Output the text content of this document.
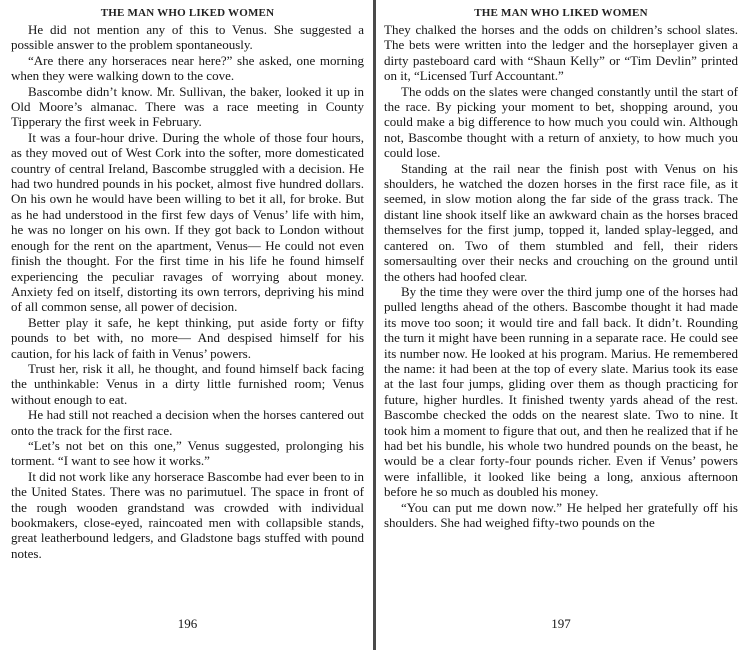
THE MAN WHO LIKED WOMEN

He did not mention any of this to Venus. She suggested a possible answer to the problem spontaneously.

“Are there any horseraces near here?” she asked, one morning when they were walking down to the cove.

Bascombe didn’t know. Mr. Sullivan, the baker, looked it up in Old Moore’s almanac. There was a race meeting in County Tipperary the first week in February.

It was a four-hour drive. During the whole of those four hours, as they moved out of West Cork into the softer, more domesticated country of central Ireland, Bascombe struggled with a decision. He had two hundred pounds in his pocket, almost five hundred dollars. On his own he would have been willing to bet it all, for broke. But as he had understood in the first few days of Venus’ life with him, he was no longer on his own. If they got back to London without enough for the rent on the apartment, Venus— He could not even finish the thought. For the first time in his life he found himself experiencing the peculiar ravages of worrying about money. Anxiety fed on itself, distorting its own terrors, depriving his mind of all common sense, all power of decision.

Better play it safe, he kept thinking, put aside forty or fifty pounds to bet with, no more— And despised himself for his caution, for his lack of faith in Venus’ powers.

Trust her, risk it all, he thought, and found himself back facing the unthinkable: Venus in a dirty little furnished room; Venus without enough to eat.

He had still not reached a decision when the horses cantered out onto the track for the first race.

“Let’s not bet on this one,” Venus suggested, prolonging his torment. “I want to see how it works.”

It did not work like any horserace Bascombe had ever been to in the United States. There was no parimutuel. The space in front of the rough wooden grandstand was crowded with individual bookmakers, close-eyed, raincoated men with collapsible stands, great leatherbound ledgers, and Gladstone bags stuffed with pound notes.

196
THE MAN WHO LIKED WOMEN

They chalked the horses and the odds on children’s school slates. The bets were written into the ledger and the horseplayer given a dirty pasteboard card with “Shaun Kelly” or “Tim Devlin” printed on it, “Licensed Turf Accountant.”

The odds on the slates were changed constantly until the start of the race. By picking your moment to bet, shopping around, you could make a big difference to how much you could win. Although not, Bascombe thought with a return of anxiety, to how much you could lose.

Standing at the rail near the finish post with Venus on his shoulders, he watched the dozen horses in the first race file, as it seemed, in slow motion along the far side of the grass track. The distant line shook itself like an awkward chain as the horses braced themselves for the first jump, topped it, landed splay-legged, and cantered on. Two of them stumbled and fell, their riders somersaulting over their necks and crouching on the ground until the others had hoofed clear.

By the time they were over the third jump one of the horses had pulled lengths ahead of the others. Bascombe thought it had made its move too soon; it would tire and fall back. It didn’t. Rounding the turn it might have been running in a separate race. He could see its number now. He looked at his program. Marius. He remembered the name: it had been at the top of every slate. Marius took its ease at the last four jumps, gliding over them as though practicing for future, higher hurdles. It finished twenty yards ahead of the rest. Bascombe checked the odds on the nearest slate. Two to nine. It took him a moment to figure that out, and then he realized that if he had bet his bundle, his whole two hundred pounds on the beast, he would be a clear forty-four pounds richer. Even if Venus’ powers were infallible, it looked like being a long, anxious afternoon before he so much as doubled his money.

“You can put me down now.” He helped her gratefully off his shoulders. She had weighed fifty-two pounds on the

197
